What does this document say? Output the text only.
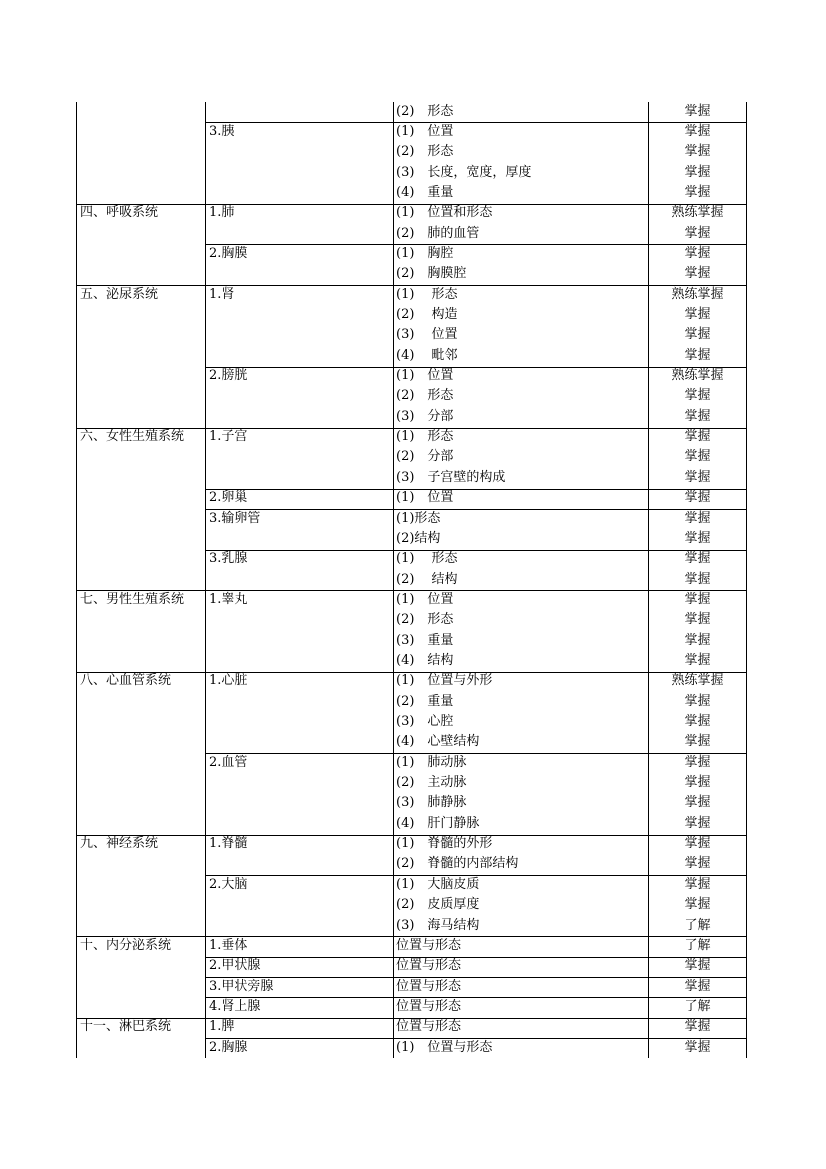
(2)　形态	掌握
3.胰	(1)　位置	掌握
(2)　形态	掌握
(3)　长度，宽度，厚度	掌握
(4)　重量	掌握
四、呼吸系统	1.肺	(1)　位置和形态	熟练掌握
(2)　肺的血管	掌握
2.胸膜	(1)　胸腔	掌握
(2)　胸膜腔	掌握
五、泌尿系统	1.肾	(1)　 形态	熟练掌握
(2)　 构造	掌握
(3)　 位置	掌握
(4)　 毗邻	掌握
2.膀胱	(1)　位置	熟练掌握
(2)　形态	掌握
(3)　分部	掌握
六、女性生殖系统 1.子宫	(1)　形态	掌握
(2)　分部	掌握
(3)　子宫壁的构成	掌握
2.卵巢	(1)　位置	掌握
3.输卵管	(1)形态	掌握
(2)结构	掌握
3.乳腺	(1)　 形态	掌握
(2)　 结构	掌握
七、男性生殖系统 1.睾丸	(1)　位置	掌握
(2)　形态	掌握
(3)　重量	掌握
(4)　结构	掌握
八、心血管系统	1.心脏	(1)　位置与外形	熟练掌握
(2)　重量	掌握
(3)　心腔	掌握
(4)　心壁结构	掌握
2.血管	(1)　肺动脉	掌握
(2)　主动脉	掌握
(3)　肺静脉	掌握
(4)　肝门静脉	掌握
九、神经系统	1.脊髓	(1)　脊髓的外形	掌握
(2)　脊髓的内部结构	掌握
2.大脑	(1)　大脑皮质	掌握
(2)　皮质厚度	掌握
(3)　海马结构	了解
十、内分泌系统	1.垂体	位置与形态	了解
2.甲状腺	位置与形态	掌握
3.甲状旁腺	位置与形态	掌握
4.肾上腺	位置与形态	了解
十一、淋巴系统	1.脾	位置与形态	掌握
2.胸腺	(1)　位置与形态	掌握
